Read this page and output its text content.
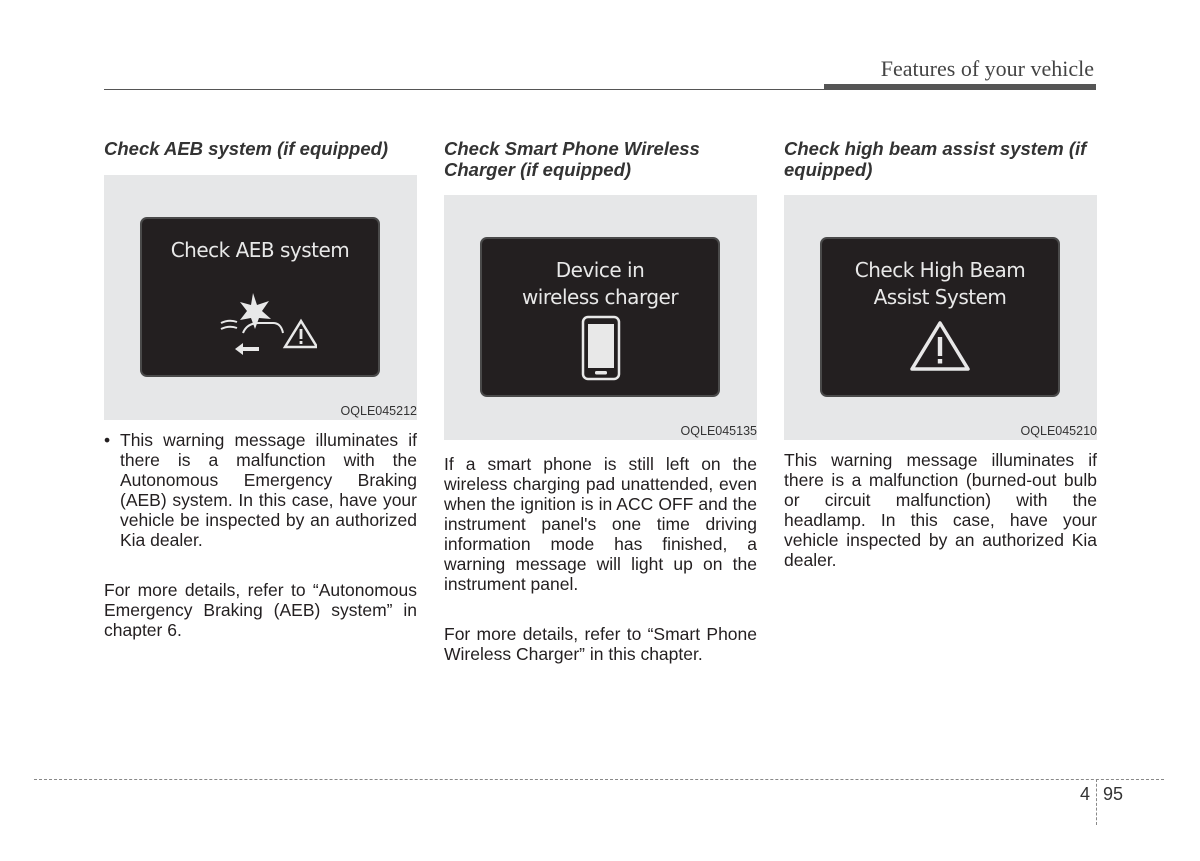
Features of your vehicle
Check AEB system (if equipped)
Check AEB system
OQLE045212
• This warning message illuminates if there is a malfunction with the Autonomous Emergency Braking (AEB) system. In this case, have your vehicle be inspected by an authorized Kia dealer.

For more details, refer to “Autonomous Emergency Braking (AEB) system” in chapter 6.

Check Smart Phone Wireless Charger (if equipped)
Device in
wireless charger
OQLE045135

If a smart phone is still left on the wireless charging pad unattended, even when the ignition is in ACC OFF and the instrument panel's one time driving information mode has finished, a warning message will light up on the instrument panel.

For more details, refer to “Smart Phone Wireless Charger” in this chapter.

Check high beam assist system (if equipped)
Check High Beam
Assist System
OQLE045210

This warning message illuminates if there is a malfunction (burned-out bulb or circuit malfunction) with the headlamp. In this case, have your vehicle inspected by an authorized Kia dealer.

4 95
